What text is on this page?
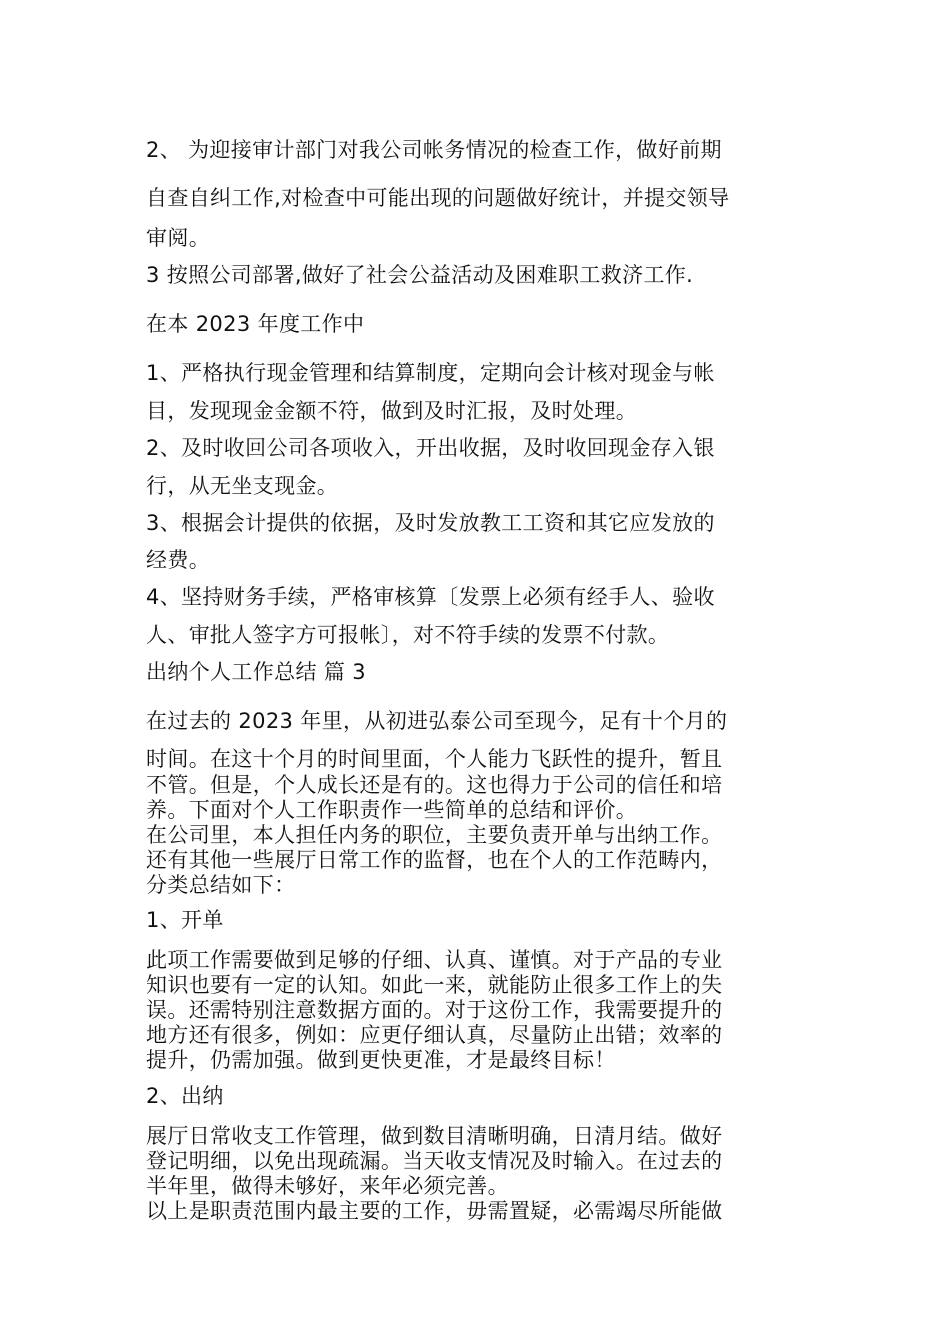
2、 为迎接审计部门对我公司帐务情况的检查工作，做好前期
自查自纠工作,对检查中可能出现的问题做好统计，并提交领导
审阅。
3 按照公司部署,做好了社会公益活动及困难职工救济工作.
在本 2023 年度工作中
1、严格执行现金管理和结算制度，定期向会计核对现金与帐
目，发现现金金额不符，做到及时汇报，及时处理。
2、及时收回公司各项收入，开出收据，及时收回现金存入银
行，从无坐支现金。
3、根据会计提供的依据，及时发放教工工资和其它应发放的
经费。
4、坚持财务手续，严格审核算〔发票上必须有经手人、验收
人、审批人签字方可报帐〕，对不符手续的发票不付款。
出纳个人工作总结 篇 3
在过去的 2023 年里，从初进弘泰公司至现今，足有十个月的
时间。在这十个月的时间里面，个人能力飞跃性的提升，暂且
不管。但是，个人成长还是有的。这也得力于公司的信任和培
养。下面对个人工作职责作一些简单的总结和评价。
在公司里，本人担任内务的职位，主要负责开单与出纳工作。
还有其他一些展厅日常工作的监督，也在个人的工作范畴内，
分类总结如下：
1、开单
此项工作需要做到足够的仔细、认真、谨慎。对于产品的专业
知识也要有一定的认知。如此一来，就能防止很多工作上的失
误。还需特别注意数据方面的。对于这份工作，我需要提升的
地方还有很多，例如：应更仔细认真，尽量防止出错；效率的
提升，仍需加强。做到更快更准，才是最终目标！
2、出纳
展厅日常收支工作管理，做到数目清晰明确，日清月结。做好
登记明细，以免出现疏漏。当天收支情况及时输入。在过去的
半年里，做得未够好，来年必须完善。
以上是职责范围内最主要的工作，毋需置疑，必需竭尽所能做
